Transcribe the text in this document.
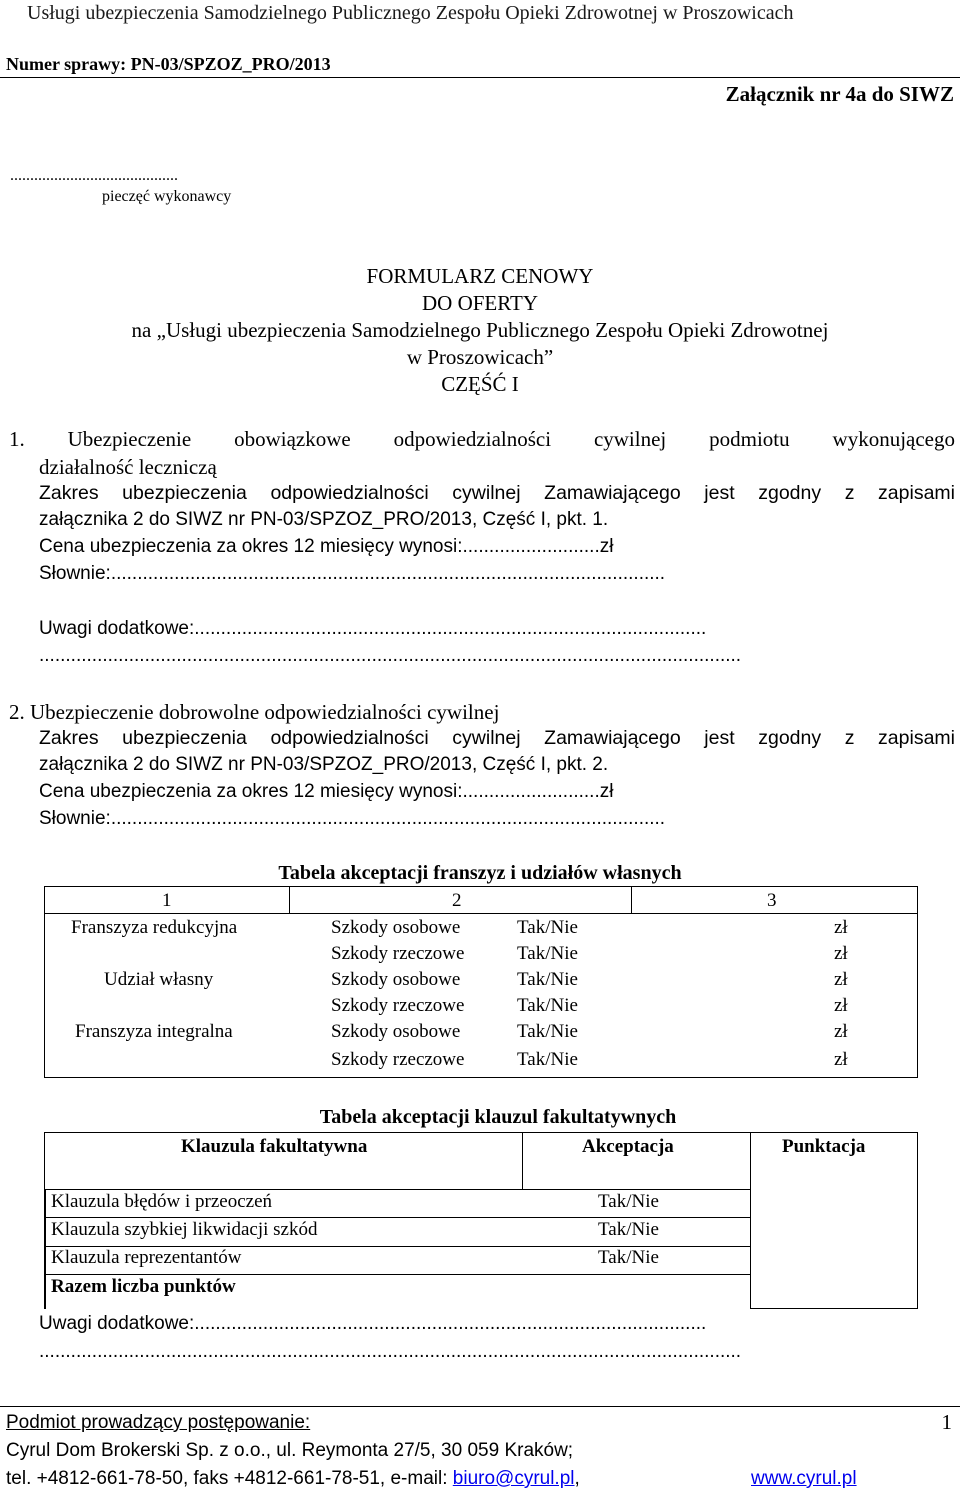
Usługi ubezpieczenia Samodzielnego Publicznego Zespołu Opieki Zdrowotnej w Proszowicach
Numer sprawy: PN-03/SPZOZ_PRO/2013
Załącznik nr 4a do SIWZ
..........................................
pieczęć wykonawcy
FORMULARZ CENOWY
DO OFERTY
na „Usługi ubezpieczenia Samodzielnego Publicznego Zespołu Opieki Zdrowotnej
w Proszowicach”
CZĘŚĆ I
1. Ubezpieczenie obowiązkowe odpowiedzialności cywilnej podmiotu wykonującego
działalność leczniczą
Zakres ubezpieczenia odpowiedzialności cywilnej Zamawiającego jest zgodny z zapisami
załącznika 2 do SIWZ nr PN-03/SPZOZ_PRO/2013, Część I, pkt. 1.
Cena ubezpieczenia za okres 12 miesięcy wynosi:..........................zł
Słownie:.........................................................................................................
Uwagi dodatkowe:.................................................................................................
.....................................................................................................................................
2. Ubezpieczenie dobrowolne odpowiedzialności cywilnej
Zakres ubezpieczenia odpowiedzialności cywilnej Zamawiającego jest zgodny z zapisami
załącznika 2 do SIWZ nr PN-03/SPZOZ_PRO/2013, Część I, pkt. 2.
Cena ubezpieczenia za okres 12 miesięcy wynosi:..........................zł
Słownie:.........................................................................................................
Tabela akceptacji franszyz i udziałów własnych
1	2	3
Franszyza redukcyjna	Szkody osobowe	Tak/Nie	zł
Szkody rzeczowe	Tak/Nie	zł
Udział własny	Szkody osobowe	Tak/Nie	zł
Szkody rzeczowe	Tak/Nie	zł
Franszyza integralna	Szkody osobowe	Tak/Nie	zł
Szkody rzeczowe	Tak/Nie	zł
Tabela akceptacji klauzul fakultatywnych
Klauzula fakultatywna	Akceptacja	Punktacja
Klauzula błędów i przeoczeń	Tak/Nie
Klauzula szybkiej likwidacji szkód	Tak/Nie
Klauzula reprezentantów	Tak/Nie
Razem liczba punktów
Uwagi dodatkowe:.................................................................................................
.....................................................................................................................................
Podmiot prowadzący postępowanie:	1
Cyrul Dom Brokerski Sp. z o.o., ul. Reymonta 27/5, 30 059 Kraków;
tel. +4812-661-78-50, faks +4812-661-78-51, e-mail: biuro@cyrul.pl,	www.cyrul.pl
